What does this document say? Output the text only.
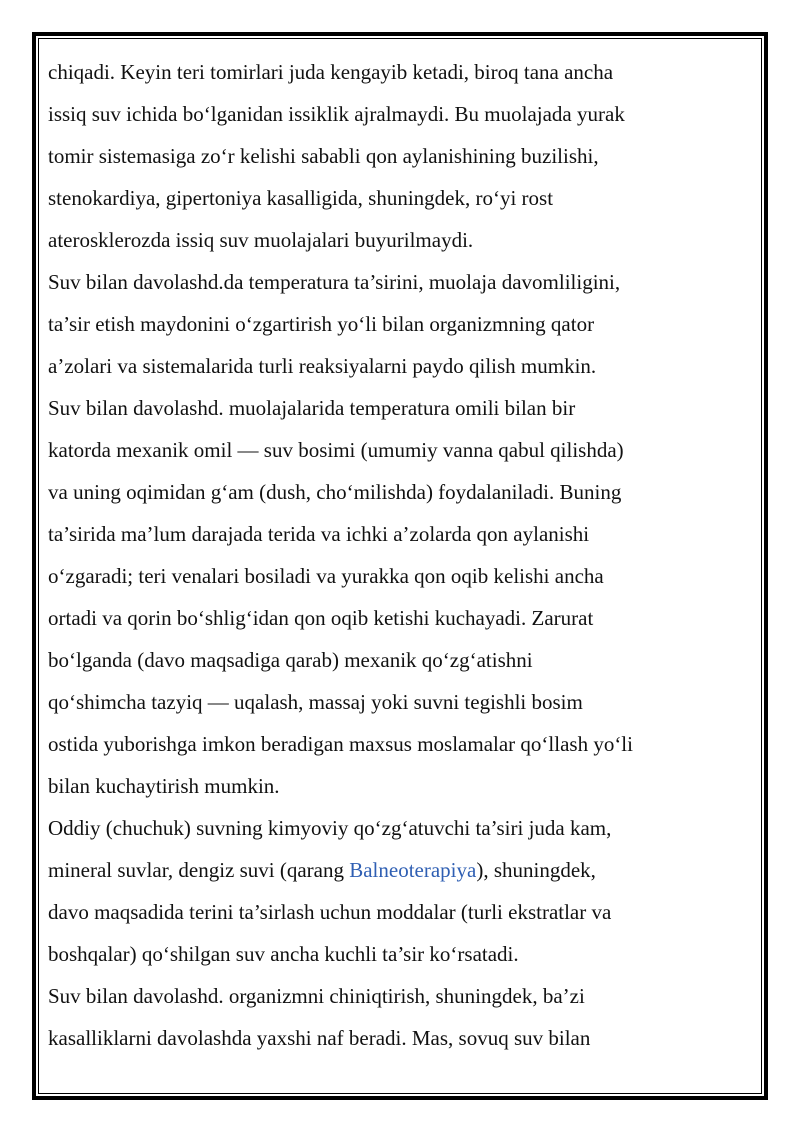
chiqadi. Keyin teri tomirlari juda kengayib ketadi, biroq tana ancha
issiq suv ichida bo‘lganidan issiklik ajralmaydi. Bu muolajada yurak
tomir sistemasiga zo‘r kelishi sababli qon aylanishining buzilishi,
stenokardiya, gipertoniya kasalligida, shuningdek, ro‘yi rost
aterosklerozda issiq suv muolajalari buyurilmaydi.
Suv bilan davolashd.da temperatura ta’sirini, muolaja davomliligini,
ta’sir etish maydonini o‘zgartirish yo‘li bilan organizmning qator
a’zolari va sistemalarida turli reaksiyalarni paydo qilish mumkin.
Suv bilan davolashd. muolajalarida temperatura omili bilan bir
katorda mexanik omil — suv bosimi (umumiy vanna qabul qilishda)
va uning oqimidan g‘am (dush, cho‘milishda) foydalaniladi. Buning
ta’sirida ma’lum darajada terida va ichki a’zolarda qon aylanishi
o‘zgaradi; teri venalari bosiladi va yurakka qon oqib kelishi ancha
ortadi va qorin bo‘shlig‘idan qon oqib ketishi kuchayadi. Zarurat
bo‘lganda (davo maqsadiga qarab) mexanik qo‘zg‘atishni
qo‘shimcha tazyiq — uqalash, massaj yoki suvni tegishli bosim
ostida yuborishga imkon beradigan maxsus moslamalar qo‘llash yo‘li
bilan kuchaytirish mumkin.
Oddiy (chuchuk) suvning kimyoviy qo‘zg‘atuvchi ta’siri juda kam,
mineral suvlar, dengiz suvi (qarang Balneoterapiya), shuningdek,
davo maqsadida terini ta’sirlash uchun moddalar (turli ekstratlar va
boshqalar) qo‘shilgan suv ancha kuchli ta’sir ko‘rsatadi.
Suv bilan davolashd. organizmni chiniqtirish, shuningdek, ba’zi
kasalliklarni davolashda yaxshi naf beradi. Mas, sovuq suv bilan
